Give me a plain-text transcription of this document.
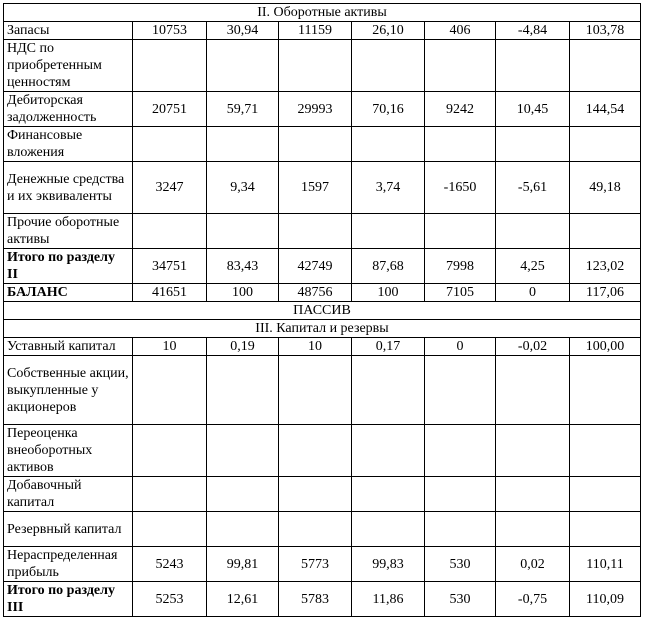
II. Оборотные активы							
Запасы	10753	30,94	11159	26,10	406	-4,84	103,78
НДС по приобретенным ценностям							
Дебиторская задолженность	20751	59,71	29993	70,16	9242	10,45	144,54
Финансовые вложения							
Денежные средства и их эквиваленты	3247	9,34	1597	3,74	-1650	-5,61	49,18
Прочие оборотные активы							
Итого по разделу II	34751	83,43	42749	87,68	7998	4,25	123,02
БАЛАНС	41651	100	48756	100	7105	0	117,06
ПАССИВ							
III. Капитал и резервы							
Уставный капитал	10	0,19	10	0,17	0	-0,02	100,00
Собственные акции, выкупленные у акционеров							
Переоценка внеоборотных активов							
Добавочный капитал							
Резервный капитал							
Нераспределенная прибыль	5243	99,81	5773	99,83	530	0,02	110,11
Итого по разделу III	5253	12,61	5783	11,86	530	-0,75	110,09
